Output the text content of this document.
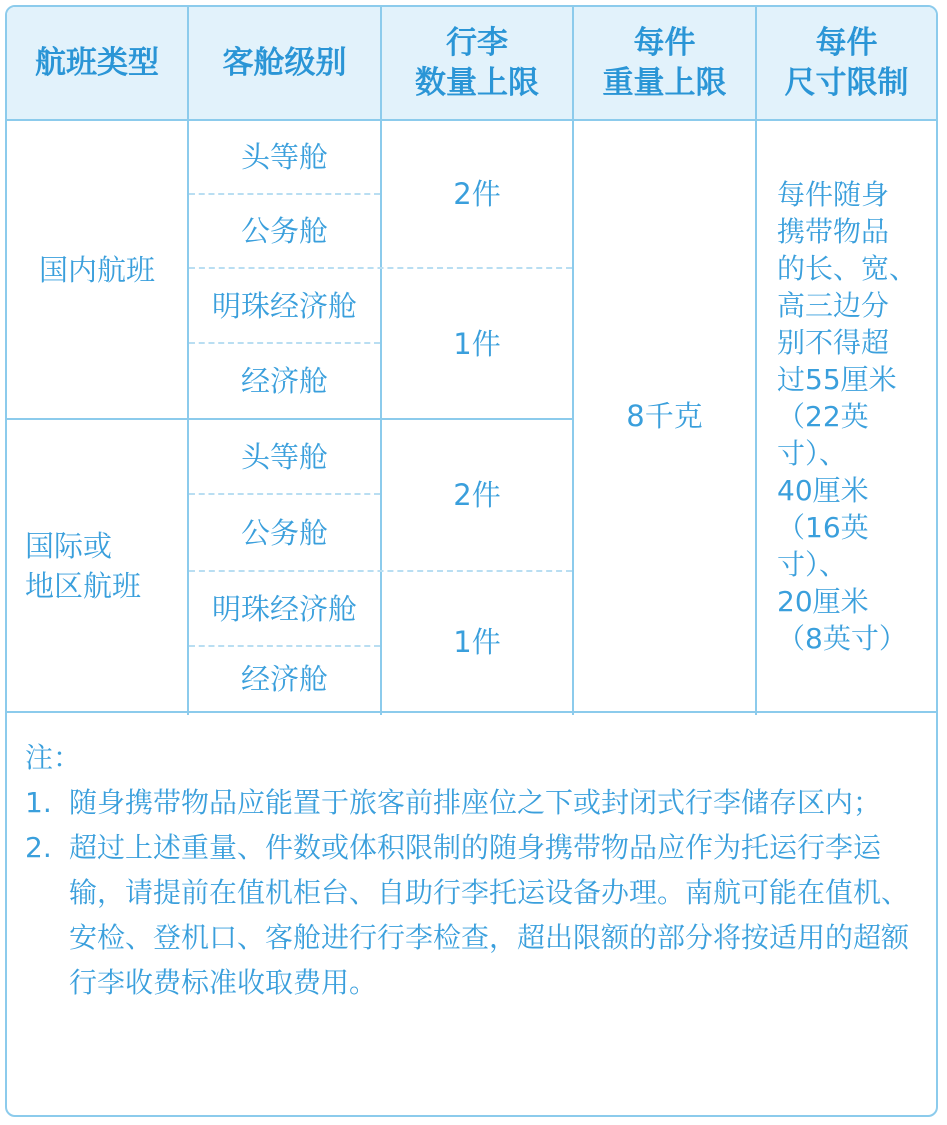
航班类型 客舱级别
行李
数量上限
每件
重量上限
每件
尺寸限制
国内航班
头等舱
公务舱
明珠经济舱
经济舱
2件
1件
国际或
地区航班
头等舱
公务舱
明珠经济舱
经济舱
2件
1件
8千克
每件随身
携带物品
的长、宽、
高三边分
别不得超
过55厘米
（22英寸）、
40厘米
（16英寸）、
20厘米
（8英寸）
注：
1. 随身携带物品应能置于旅客前排座位之下或封闭式行李储存区内；
2. 超过上述重量、件数或体积限制的随身携带物品应作为托运行李运输，请提前在值机柜台、自助行李托运设备办理。南航可能在值机、安检、登机口、客舱进行行李检查，超出限额的部分将按适用的超额行李收费标准收取费用。
